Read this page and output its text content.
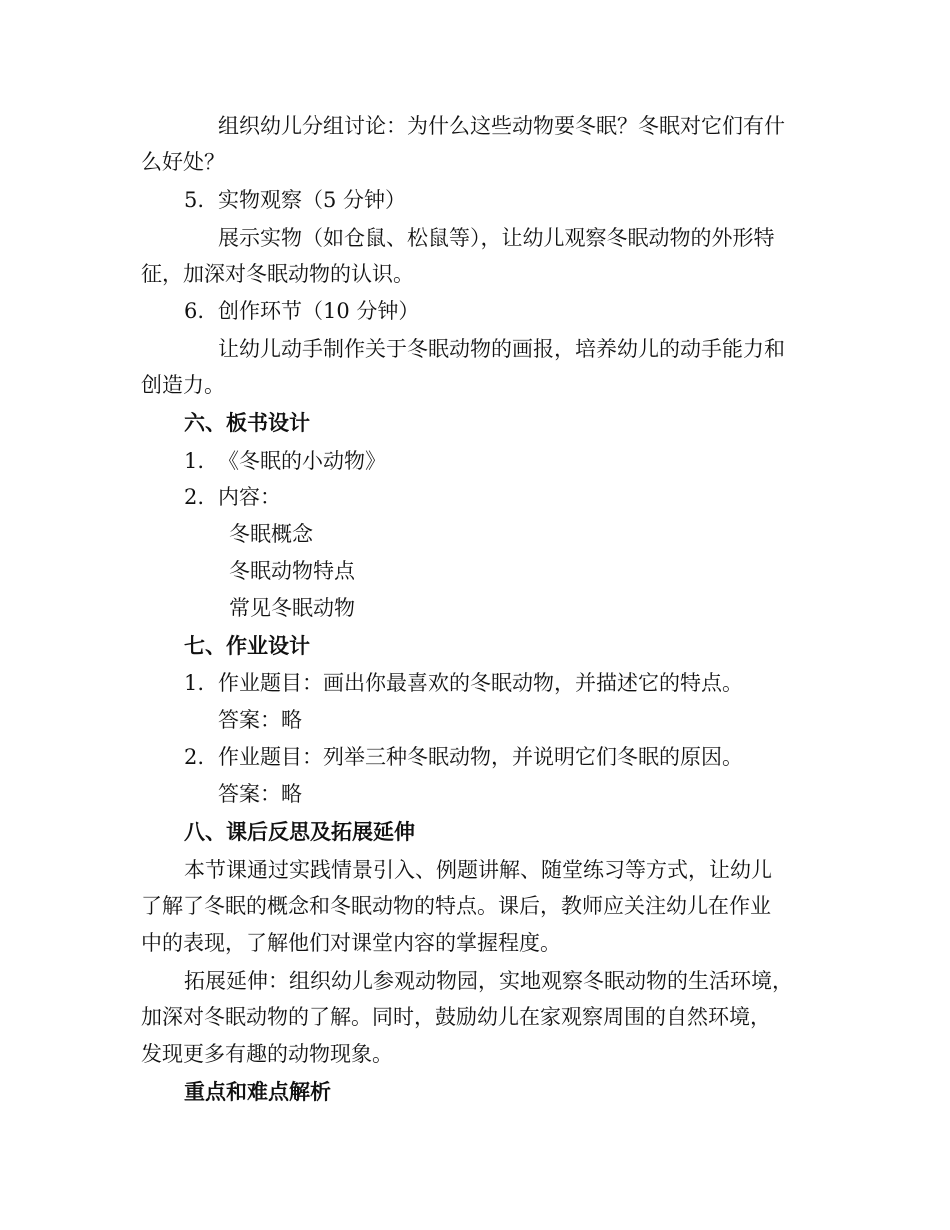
组织幼儿分组讨论：为什么这些动物要冬眠？冬眠对它们有什
么好处？
5. 实物观察（5 分钟）
展示实物（如仓鼠、松鼠等），让幼儿观察冬眠动物的外形特
征，加深对冬眠动物的认识。
6. 创作环节（10 分钟）
让幼儿动手制作关于冬眠动物的画报，培养幼儿的动手能力和
创造力。
六、板书设计
1. 《冬眠的小动物》
2. 内容：
冬眠概念
冬眠动物特点
常见冬眠动物
七、作业设计
1. 作业题目：画出你最喜欢的冬眠动物，并描述它的特点。
答案：略
2. 作业题目：列举三种冬眠动物，并说明它们冬眠的原因。
答案：略
八、课后反思及拓展延伸
本节课通过实践情景引入、例题讲解、随堂练习等方式，让幼儿
了解了冬眠的概念和冬眠动物的特点。课后，教师应关注幼儿在作业
中的表现，了解他们对课堂内容的掌握程度。
拓展延伸：组织幼儿参观动物园，实地观察冬眠动物的生活环境，
加深对冬眠动物的了解。同时，鼓励幼儿在家观察周围的自然环境，
发现更多有趣的动物现象。
重点和难点解析
